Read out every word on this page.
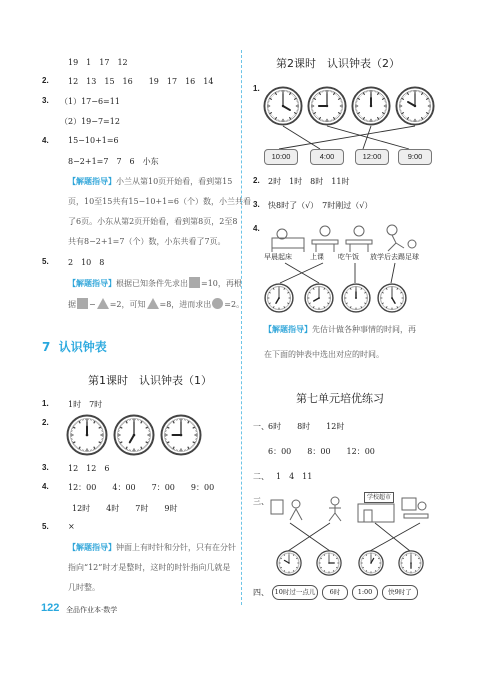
19　1　17　12
2. 12　13　15　16　　19　17　16　14
3. （1）17−6=11
（2）19−7=12
4. 15−10+1=6
8−2+1=7　7　6　小东
【解题指导】小兰从第10页开始看，看到第15
页，10至15共有15−10+1=6（个）数，小兰共看
了6页。小东从第2页开始看，看到第8页，2至8
共有8−2+1=7（个）数，小东共看了7页。
5. 2　10　8
【解题指导】根据已知条件先求出 =10，再根
据 − =2，可知 =8，进而求出 =2。
7 认识钟表
第1课时　认识钟表（1）
1. 1时　7时
2.
3. 12　12　6
4. 12：00　　4：00　　7：00　　9：00
12时　　4时　　7时　　9时
5. ×
【解题指导】钟面上有时针和分针，只有在分针
指向“12”时才是整时，这时的时针指向几就是
几时整。
第2课时　认识钟表（2）
1.
10:00	4:00	12:00	9:00
2. 2时　1时　8时　11时
3. 快8时了（√）　7时刚过（√）
4.
早晨起床	上课 吃午饭 放学后去踢足球
【解题指导】先估计做各种事情的时间，再
在下面的钟表中选出对应的时间。
第七单元培优练习
一、 6时　　8时　　12时
6：00　　8：00　　12：00
二、 1　4　11
三、	学校超市
四、 10时过一点儿	6时	1:00	快9时了
122 全品作业本·数学
